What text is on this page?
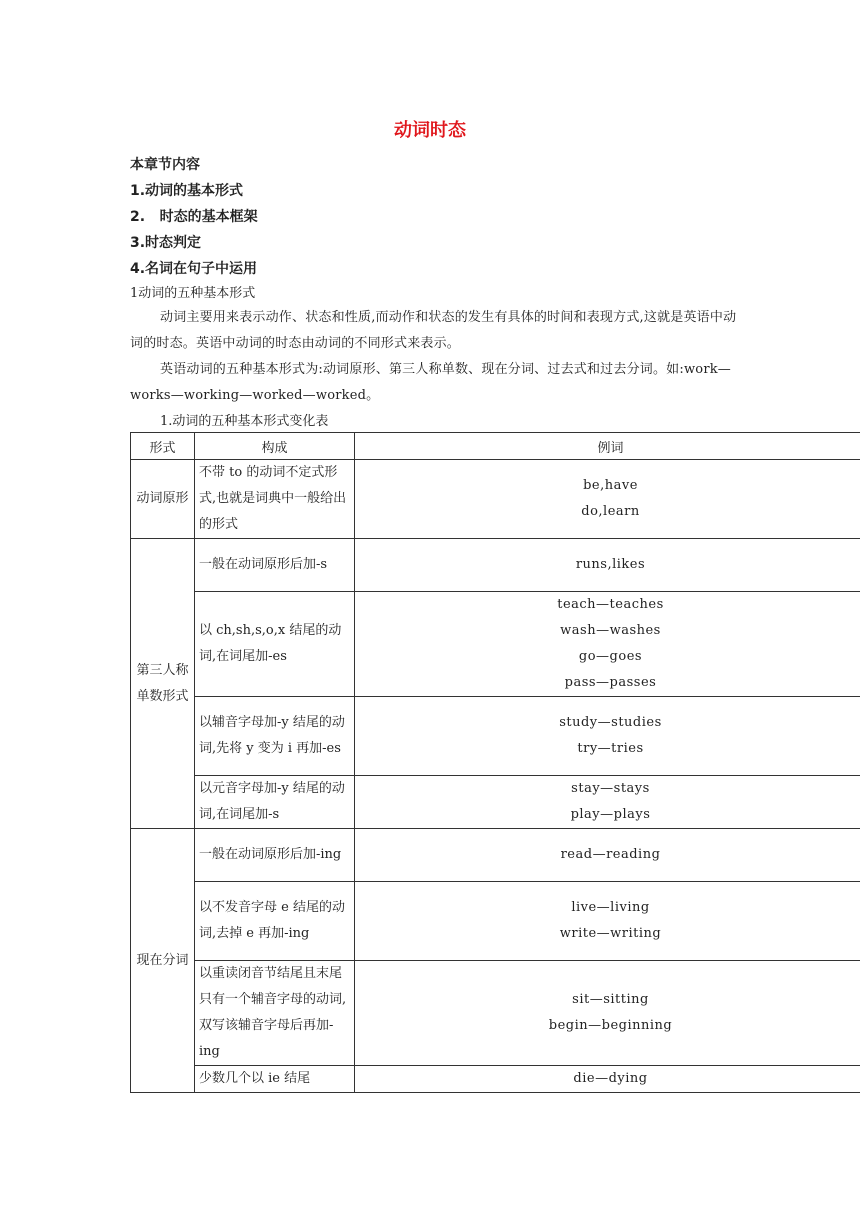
动词时态
本章节内容
1.动词的基本形式
2.   时态的基本框架
3.时态判定
4.名词在句子中运用
1动词的五种基本形式
动词主要用来表示动作、状态和性质,而动作和状态的发生有具体的时间和表现方式,这就是英语中动词的时态。英语中动词的时态由动词的不同形式来表示。
英语动词的五种基本形式为:动词原形、第三人称单数、现在分词、过去式和过去分词。如:work—works—working—worked—worked。
1.动词的五种基本形式变化表
形式	构成	例词
动词原形	不带 to 的动词不定式形式,也就是词典中一般给出的形式	be,have
do,learn

第三人称单数形式	一般在动词原形后加-s	runs,likes

	以 ch,sh,s,o,x 结尾的动词,在词尾加-es	teach—teaches
wash—washes
go—goes
pass—passes

	以辅音字母加-y 结尾的动词,先将 y 变为 i 再加-es	study—studies
try—tries

	以元音字母加-y 结尾的动词,在词尾加-s	stay—stays
play—plays

现在分词	一般在动词原形后加-ing	read—reading

	以不发音字母 e 结尾的动词,去掉 e 再加-ing	live—living
write—writing

	以重读闭音节结尾且末尾只有一个辅音字母的动词,双写该辅音字母后再加-ing	sit—sitting
begin—beginning

	少数几个以 ie 结尾	die—dying
